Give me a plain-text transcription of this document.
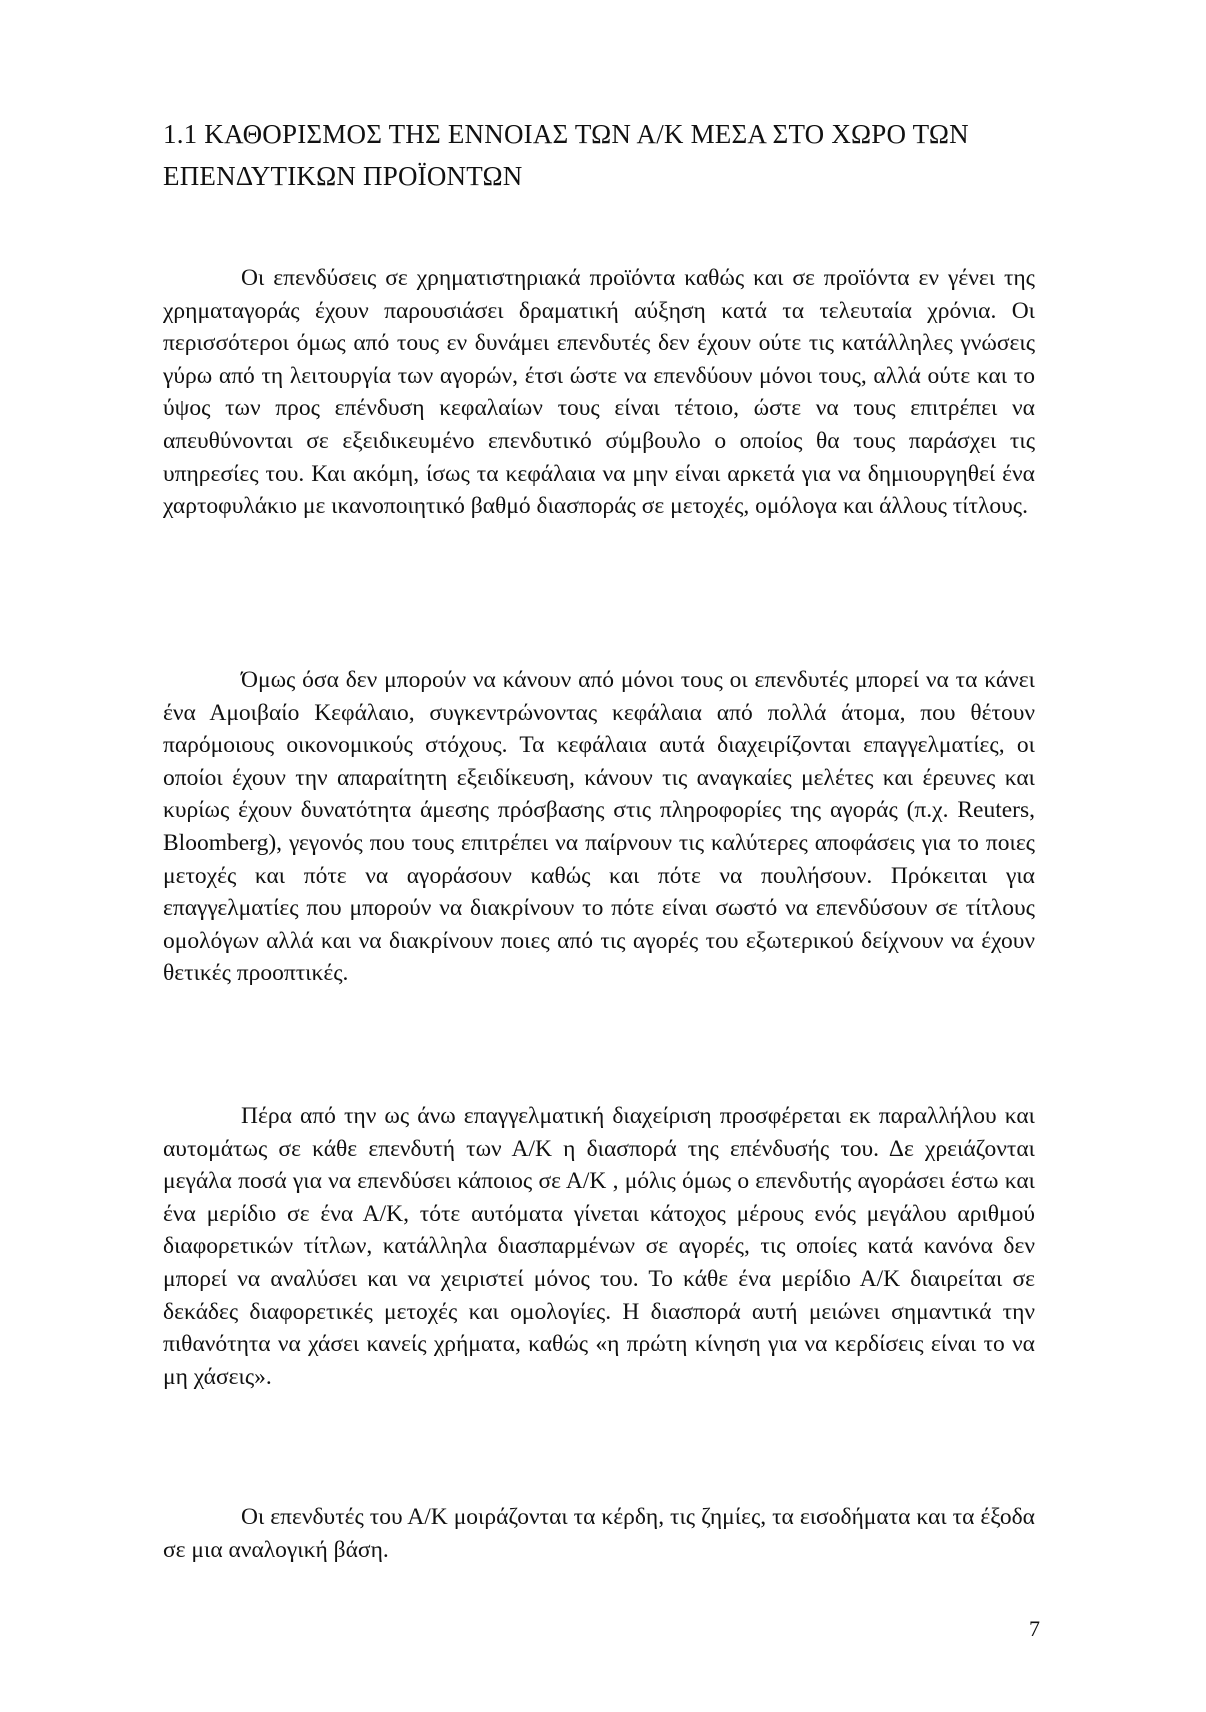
1.1 ΚΑΘΟΡΙΣΜΟΣ ΤΗΣ ΕΝΝΟΙΑΣ ΤΩΝ Α/Κ ΜΕΣΑ ΣΤΟ ΧΩΡΟ ΤΩΝ ΕΠΕΝΔΥΤΙΚΩΝ ΠΡΟΪΟΝΤΩΝ

Οι επενδύσεις σε χρηματιστηριακά προϊόντα καθώς και σε προϊόντα εν γένει της χρηματαγοράς έχουν παρουσιάσει δραματική αύξηση κατά τα τελευταία χρόνια. Οι περισσότεροι όμως από τους εν δυνάμει επενδυτές δεν έχουν ούτε τις κατάλληλες γνώσεις γύρω από τη λειτουργία των αγορών, έτσι ώστε να επενδύουν μόνοι τους, αλλά ούτε και το ύψος των προς επένδυση κεφαλαίων τους είναι τέτοιο, ώστε να τους επιτρέπει να απευθύνονται σε εξειδικευμένο επενδυτικό σύμβουλο ο οποίος θα τους παράσχει τις υπηρεσίες του. Και ακόμη, ίσως τα κεφάλαια να μην είναι αρκετά για να δημιουργηθεί ένα χαρτοφυλάκιο με ικανοποιητικό βαθμό διασποράς σε μετοχές, ομόλογα και άλλους τίτλους.

Όμως όσα δεν μπορούν να κάνουν από μόνοι τους οι επενδυτές μπορεί να τα κάνει ένα Αμοιβαίο Κεφάλαιο, συγκεντρώνοντας κεφάλαια από πολλά άτομα, που θέτουν παρόμοιους οικονομικούς στόχους. Τα κεφάλαια αυτά διαχειρίζονται επαγγελματίες, οι οποίοι έχουν την απαραίτητη εξειδίκευση, κάνουν τις αναγκαίες μελέτες και έρευνες και κυρίως έχουν δυνατότητα άμεσης πρόσβασης στις πληροφορίες της αγοράς (π.χ. Reuters, Bloomberg), γεγονός που τους επιτρέπει να παίρνουν τις καλύτερες αποφάσεις για το ποιες μετοχές και πότε να αγοράσουν καθώς και πότε να πουλήσουν. Πρόκειται για επαγγελματίες που μπορούν να διακρίνουν το πότε είναι σωστό να επενδύσουν σε τίτλους ομολόγων αλλά και να διακρίνουν ποιες από τις αγορές του εξωτερικού δείχνουν να έχουν θετικές προοπτικές.

Πέρα από την ως άνω επαγγελματική διαχείριση προσφέρεται εκ παραλλήλου και αυτομάτως σε κάθε επενδυτή των Α/Κ η διασπορά της επένδυσής του. Δε χρειάζονται μεγάλα ποσά για να επενδύσει κάποιος σε Α/Κ , μόλις όμως ο επενδυτής αγοράσει έστω και ένα μερίδιο σε ένα Α/Κ, τότε αυτόματα γίνεται κάτοχος μέρους ενός μεγάλου αριθμού διαφορετικών τίτλων, κατάλληλα διασπαρμένων σε αγορές, τις οποίες κατά κανόνα δεν μπορεί να αναλύσει και να χειριστεί μόνος του. Το κάθε ένα μερίδιο Α/Κ διαιρείται σε δεκάδες διαφορετικές μετοχές και ομολογίες. Η διασπορά αυτή μειώνει σημαντικά την πιθανότητα να χάσει κανείς χρήματα, καθώς «η πρώτη κίνηση για να κερδίσεις είναι το να μη χάσεις».

Οι επενδυτές του Α/Κ μοιράζονται τα κέρδη, τις ζημίες, τα εισοδήματα και τα έξοδα σε μια αναλογική βάση.

7
